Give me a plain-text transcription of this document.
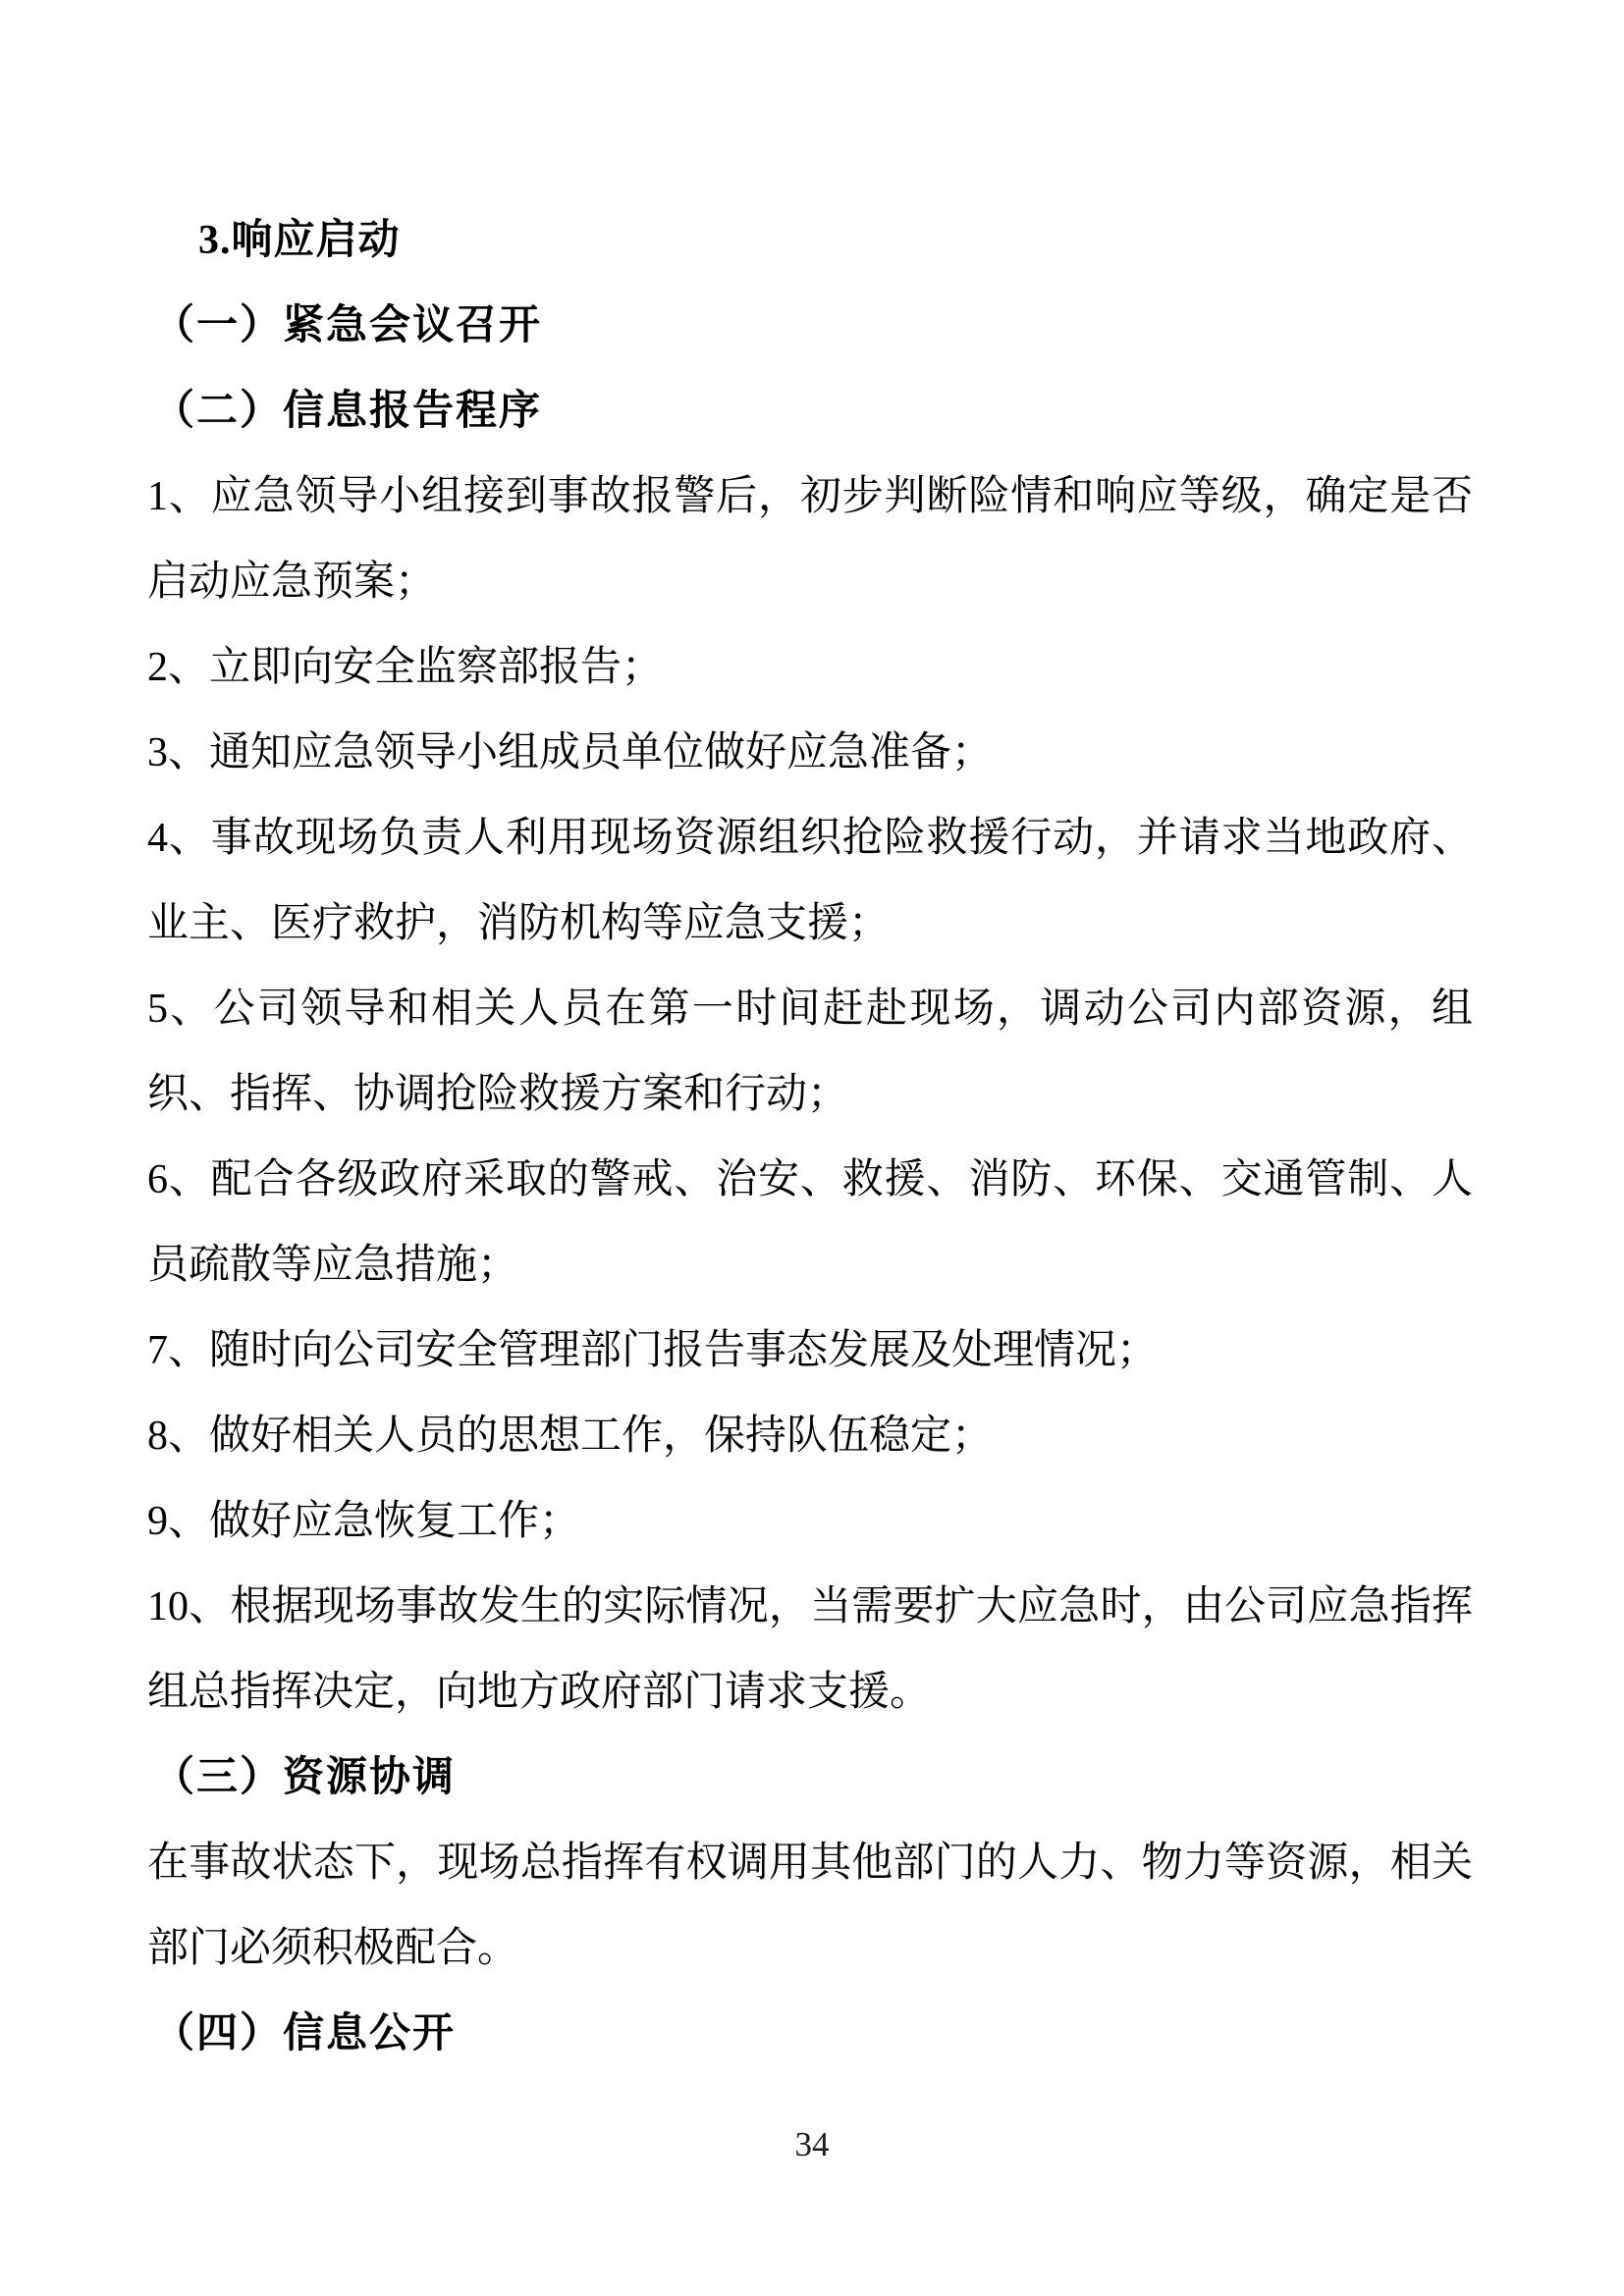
3.响应启动
（一）紧急会议召开
（二）信息报告程序
1、应急领导小组接到事故报警后，初步判断险情和响应等级，确定是否启动应急预案；
2、立即向安全监察部报告；
3、通知应急领导小组成员单位做好应急准备；
4、事故现场负责人利用现场资源组织抢险救援行动，并请求当地政府、业主、医疗救护，消防机构等应急支援；
5、公司领导和相关人员在第一时间赶赴现场，调动公司内部资源，组织、指挥、协调抢险救援方案和行动；
6、配合各级政府采取的警戒、治安、救援、消防、环保、交通管制、人员疏散等应急措施；
7、随时向公司安全管理部门报告事态发展及处理情况；
8、做好相关人员的思想工作，保持队伍稳定；
9、做好应急恢复工作；
10、根据现场事故发生的实际情况，当需要扩大应急时，由公司应急指挥组总指挥决定，向地方政府部门请求支援。
（三）资源协调
在事故状态下，现场总指挥有权调用其他部门的人力、物力等资源，相关部门必须积极配合。
（四）信息公开
34
